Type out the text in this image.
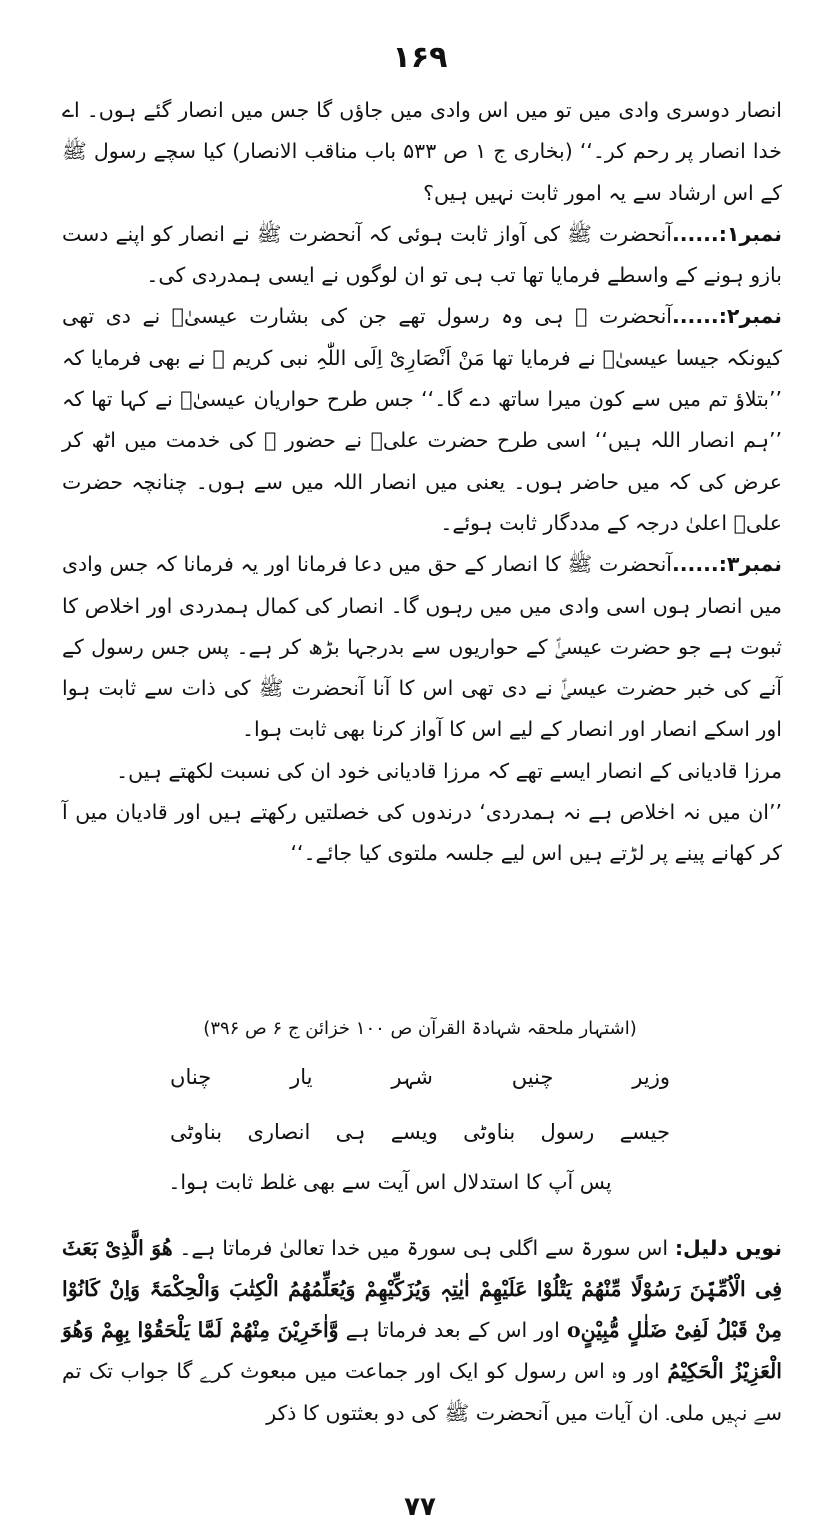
۱۶۹

انصار دوسری وادی میں تو میں اس وادی میں جاؤں گا جس میں انصار گئے ہوں۔ اے خدا انصار پر رحم کر۔‘‘ (بخاری ج ۱ ص ۵۳۳ باب مناقب الانصار) کیا سچے رسول ﷺ کے اس ارشاد سے یہ امور ثابت نہیں ہیں؟

نمبر۱:......آنحضرت ﷺ کی آواز ثابت ہوئی کہ آنحضرت ﷺ نے انصار کو اپنے دست بازو ہونے کے واسطے فرمایا تھا تب ہی تو ان لوگوں نے ایسی ہمدردی کی۔

نمبر۲:......آنحضرت ﷺ ہی وہ رسول تھے جن کی بشارت عیسیٰؑ نے دی تھی کیونکہ جیسا عیسیٰؑ نے فرمایا تھا مَنْ اَنْصَارِیْ اِلَی اللّٰہِ نبی کریم ﷺ نے بھی فرمایا کہ ’’بتلاؤ تم میں سے کون میرا ساتھ دے گا۔‘‘ جس طرح حواریان عیسیٰؑ نے کہا تھا کہ ’’ہم انصار اللہ ہیں‘‘ اسی طرح حضرت علیؓ نے حضور ﷺ کی خدمت میں اٹھ کر عرض کی کہ میں حاضر ہوں۔ یعنی میں انصار اللہ میں سے ہوں۔ چنانچہ حضرت علیؓ اعلیٰ درجہ کے مددگار ثابت ہوئے۔

نمبر۳:......آنحضرت ﷺ کا انصار کے حق میں دعا فرمانا اور یہ فرمانا کہ جس وادی میں انصار ہوں اسی وادی میں میں رہوں گا۔ انصار کی کمال ہمدردی اور اخلاص کا ثبوت ہے جو حضرت عیسیٰؑ کے حواریوں سے بدرجہا بڑھ کر ہے۔ پس جس رسول کے آنے کی خبر حضرت عیسیٰؑ نے دی تھی اس کا آنا آنحضرت ﷺ کی ذات سے ثابت ہوا اور اسکے انصار اور انصار کے لیے اس کا آواز کرنا بھی ثابت ہوا۔

مرزا قادیانی کے انصار ایسے تھے کہ مرزا قادیانی خود ان کی نسبت لکھتے ہیں۔

’’ان میں نہ اخلاص ہے نہ ہمدردی‘ درندوں کی خصلتیں رکھتے ہیں اور قادیان میں آ کر کھانے پینے پر لڑتے ہیں اس لیے جلسہ ملتوی کیا جائے۔‘‘

(اشتہار ملحقہ شہادۃ القرآن ص ۱۰۰ خزائن ج ۶ ص ۳۹۶)
وزیر
چنیں
شہر
یار
چناں
جیسے
رسول
بناوٹی
ویسے
ہی
انصاری
بناوٹی
پس آپ کا استدلال اس آیت سے بھی غلط ثابت ہوا۔

نویں دلیل: اس سورۃ سے اگلی ہی سورۃ میں خدا تعالیٰ فرماتا ہے۔ ھُوَ الَّذِیْ بَعَثَ فِی الْاُمِّیّٖنَ رَسُوْلًا مِّنْھُمْ یَتْلُوْا عَلَیْھِمْ اٰیٰتِہٖ وَیُزَکِّیْھِمْ وَیُعَلِّمُھُمُ الْکِتٰبَ وَالْحِکْمَۃَ وَاِنْ کَانُوْا مِنْ قَبْلُ لَفِیْ ضَلٰلٍ مُّبِیْنٍo اور اس کے بعد فرماتا ہے وَّاٰخَرِیْنَ مِنْھُمْ لَمَّا یَلْحَقُوْا بِھِمْ وَھُوَ الْعَزِیْزُ الْحَکِیْمُ اور وہ اس رسول کو ایک اور جماعت میں مبعوث کرے گا جواب تک تم سے نہیں ملی۔ ان آیات میں آنحضرت ﷺ کی دو بعثتوں کا ذکر

۷۷
